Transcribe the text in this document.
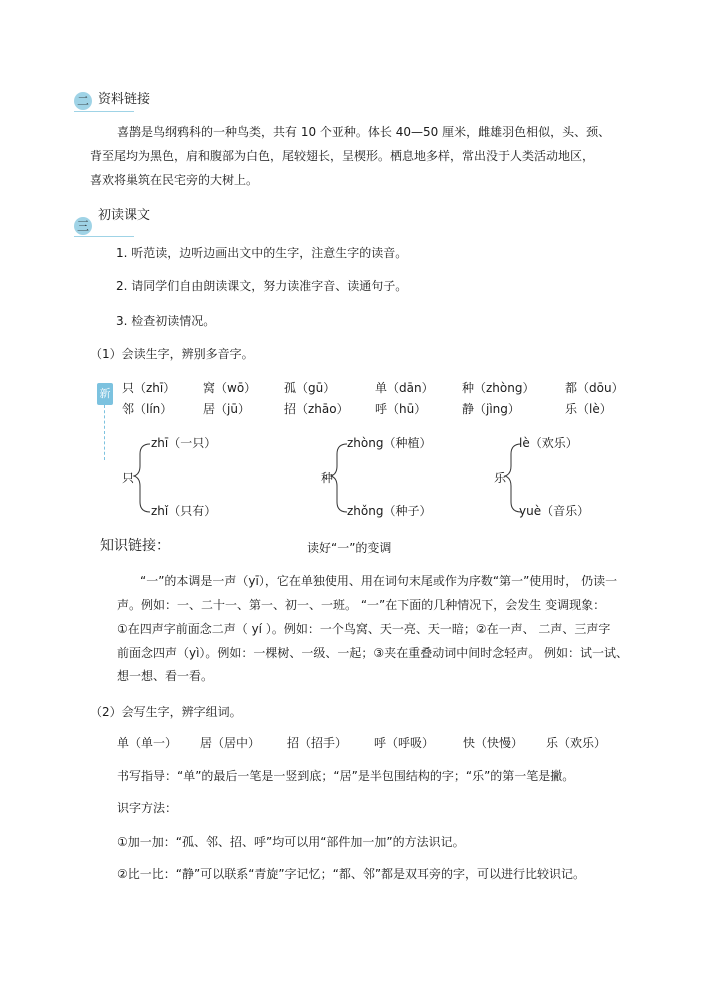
二 资料链接
喜鹊是鸟纲鸦科的一种鸟类，共有 10 个亚种。体长 40—50 厘米，雌雄羽色相似，头、颈、
背至尾均为黑色，肩和腹部为白色，尾较翅长，呈楔形。栖息地多样，常出没于人类活动地区，
喜欢将巢筑在民宅旁的大树上。
三
初读课文
1. 听范读，边听边画出文中的生字，注意生字的读音。
2. 请同学们自由朗读课文，努力读准字音、读通句子。
3. 检查初读情况。
（1）会读生字，辨别多音字。
新 只（zhī） 窝（wō） 孤（gū）	单（dān） 种（zhòng）	都（dōu）
邻（lín）	居（jū）	招（zhāo） 呼（hū）	静（jìng）	乐（lè）
zhī（一只）
只
zhǐ（只有）
zhòng（种植）
种
zhǒng（种子）
lè（欢乐）
乐
yuè（音乐）
知识链接：	读好“一”的变调
“一”的本调是一声（yī），它在单独使用、用在词句末尾或作为序数“第一”使用时， 仍读一
声。例如：一、二十一、第一、初一、一班。 “一”在下面的几种情况下，会发生 变调现象：
①在四声字前面念二声（ yí ）。例如：一个鸟窝、天一亮、天一暗；②在一声、 二声、三声字
前面念四声（yì）。例如：一棵树、一级、一起；③夹在重叠动词中间时念轻声。 例如：试一试、
想一想、看一看。
（2）会写生字，辨字组词。
单（单一） 居（居中） 招（招手） 呼（呼吸） 快（快慢） 乐（欢乐）
书写指导：“单”的最后一笔是一竖到底；“居”是半包围结构的字；“乐”的第一笔是撇。
识字方法：
①加一加：“孤、邻、招、呼”均可以用“部件加一加”的方法识记。
②比一比：“静”可以联系“青旋”字记忆；“都、邻”都是双耳旁的字，可以进行比较识记。
